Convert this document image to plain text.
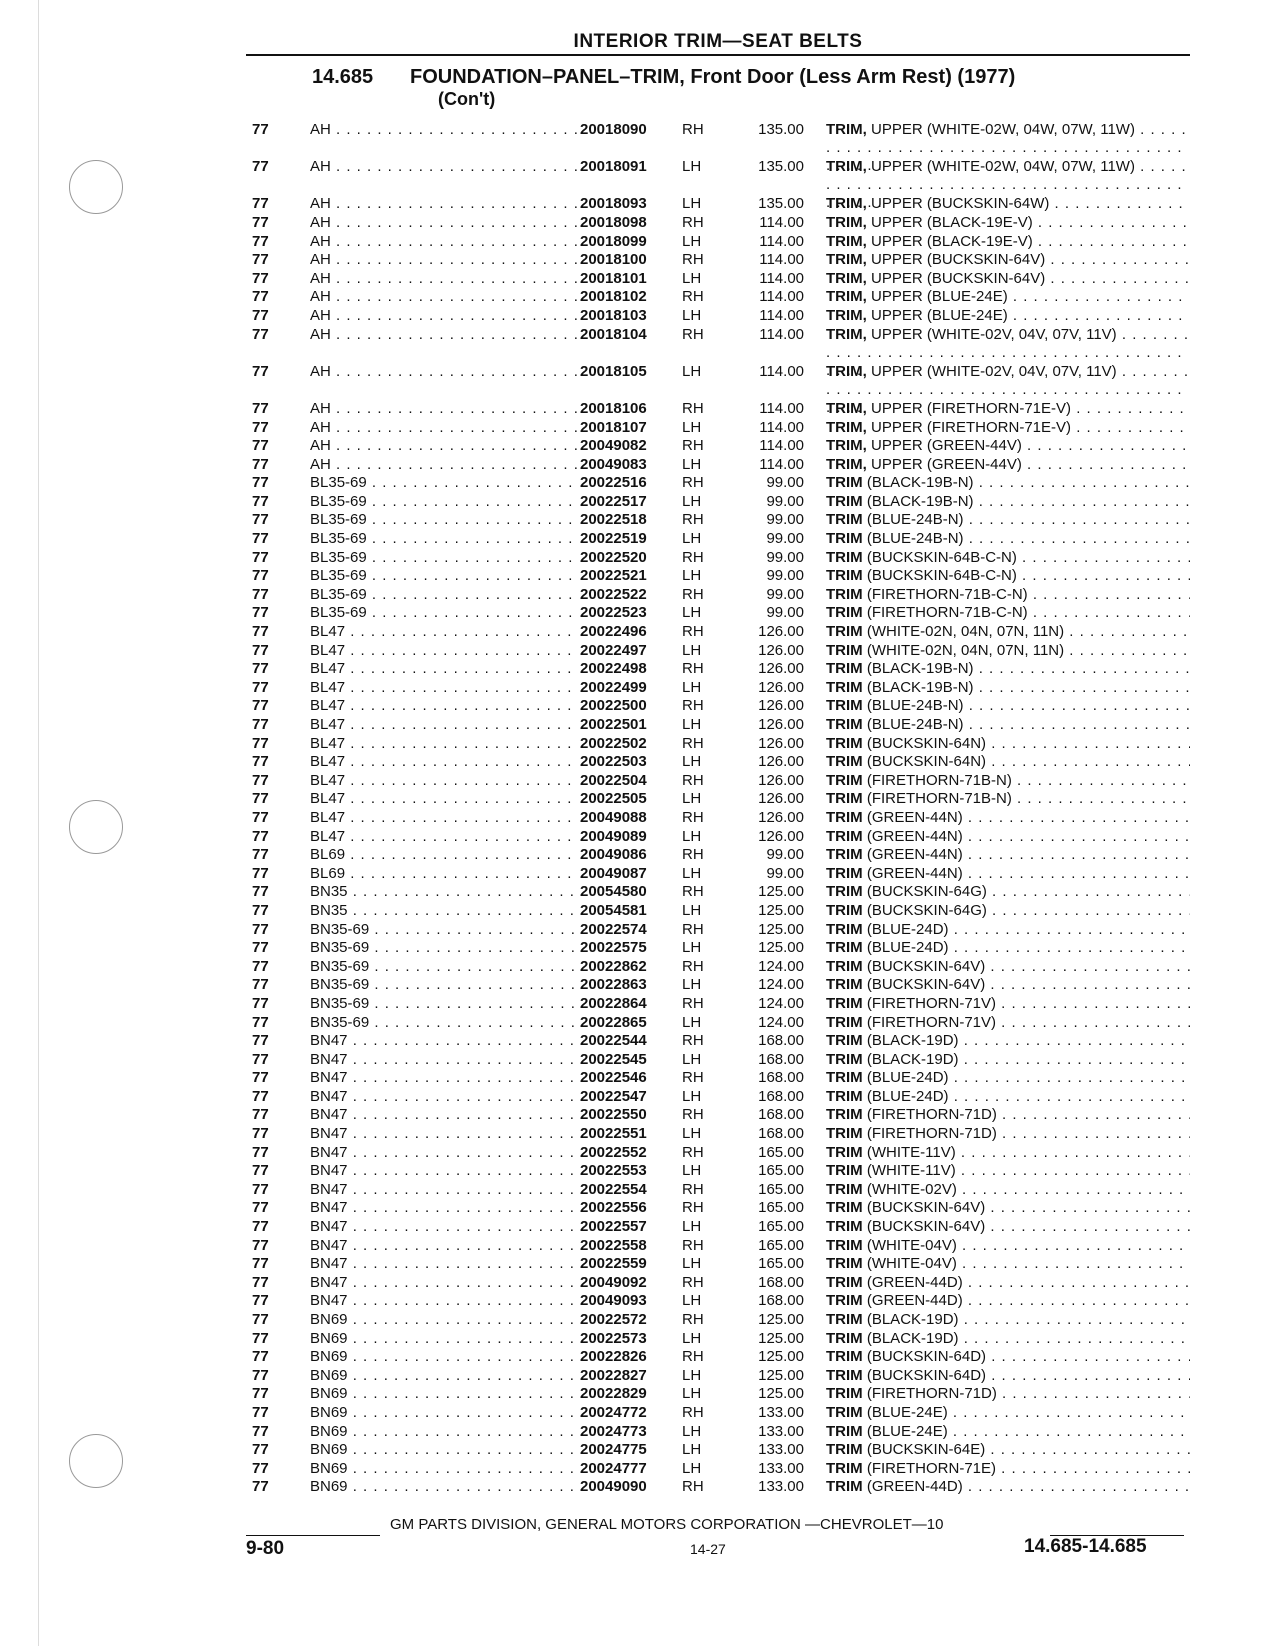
INTERIOR TRIM—SEAT BELTS
14.685 FOUNDATION–PANEL–TRIM, Front Door (Less Arm Rest) (1977)
(Con't)
77	AH . . .	20018090 RH	135.00 TRIM, UPPER (WHITE-02W, 04W, 07W, 11W) . . .
77	AH . . .	20018091 LH	135.00 TRIM, UPPER (WHITE-02W, 04W, 07W, 11W) . . .
77	AH . . .	20018093 LH	135.00 TRIM, UPPER (BUCKSKIN-64W) . . .
77	AH . . .	20018098 RH	114.00 TRIM, UPPER (BLACK-19E-V) . . .
77	AH . . .	20018099 LH	114.00 TRIM, UPPER (BLACK-19E-V) . . .
77	AH . . .	20018100 RH	114.00 TRIM, UPPER (BUCKSKIN-64V) . . .
77	AH . . .	20018101 LH	114.00 TRIM, UPPER (BUCKSKIN-64V) . . .
77	AH . . .	20018102 RH	114.00 TRIM, UPPER (BLUE-24E) . . .
77	AH . . .	20018103 LH	114.00 TRIM, UPPER (BLUE-24E) . . .
77	AH . . .	20018104 RH	114.00 TRIM, UPPER (WHITE-02V, 04V, 07V, 11V) . . .
77	AH . . .	20018105 LH	114.00 TRIM, UPPER (WHITE-02V, 04V, 07V, 11V) . . .
77	AH . . .	20018106 RH	114.00 TRIM, UPPER (FIRETHORN-71E-V) . . .
77	AH . . .	20018107 LH	114.00 TRIM, UPPER (FIRETHORN-71E-V) . . .
77	AH . . .	20049082 RH	114.00 TRIM, UPPER (GREEN-44V) . . .
77	AH . . .	20049083 LH	114.00 TRIM, UPPER (GREEN-44V) . . .
77	BL35-69 . . .	20022516 RH	99.00 TRIM (BLACK-19B-N) . . .
77	BL35-69 . . .	20022517 LH	99.00 TRIM (BLACK-19B-N) . . .
77	BL35-69 . . .	20022518 RH	99.00 TRIM (BLUE-24B-N) . . .
77	BL35-69 . . .	20022519 LH	99.00 TRIM (BLUE-24B-N) . . .
77	BL35-69 . . .	20022520 RH	99.00 TRIM (BUCKSKIN-64B-C-N) . . .
77	BL35-69 . . .	20022521 LH	99.00 TRIM (BUCKSKIN-64B-C-N) . . .
77	BL35-69 . . .	20022522 RH	99.00 TRIM (FIRETHORN-71B-C-N) . . .
77	BL35-69 . . .	20022523 LH	99.00 TRIM (FIRETHORN-71B-C-N) . . .
77	BL47 . . .	20022496 RH	126.00 TRIM (WHITE-02N, 04N, 07N, 11N) . . .
77	BL47 . . .	20022497 LH	126.00 TRIM (WHITE-02N, 04N, 07N, 11N) . . .
77	BL47 . . .	20022498 RH	126.00 TRIM (BLACK-19B-N) . . .
77	BL47 . . .	20022499 LH	126.00 TRIM (BLACK-19B-N) . . .
77	BL47 . . .	20022500 RH	126.00 TRIM (BLUE-24B-N) . . .
77	BL47 . . .	20022501 LH	126.00 TRIM (BLUE-24B-N) . . .
77	BL47 . . .	20022502 RH	126.00 TRIM (BUCKSKIN-64N) . . .
77	BL47 . . .	20022503 LH	126.00 TRIM (BUCKSKIN-64N) . . .
77	BL47 . . .	20022504 RH	126.00 TRIM (FIRETHORN-71B-N) . . .
77	BL47 . . .	20022505 LH	126.00 TRIM (FIRETHORN-71B-N) . . .
77	BL47 . . .	20049088 RH	126.00 TRIM (GREEN-44N) . . .
77	BL47 . . .	20049089 LH	126.00 TRIM (GREEN-44N) . . .
77	BL69 . . .	20049086 RH	99.00 TRIM (GREEN-44N) . . .
77	BL69 . . .	20049087 LH	99.00 TRIM (GREEN-44N) . . .
77	BN35 . . .	20054580 RH	125.00 TRIM (BUCKSKIN-64G) . . .
77	BN35 . . .	20054581 LH	125.00 TRIM (BUCKSKIN-64G) . . .
77	BN35-69 . . .	20022574 RH	125.00 TRIM (BLUE-24D) . . .
77	BN35-69 . . .	20022575 LH	125.00 TRIM (BLUE-24D) . . .
77	BN35-69 . . .	20022862 RH	124.00 TRIM (BUCKSKIN-64V) . . .
77	BN35-69 . . .	20022863 LH	124.00 TRIM (BUCKSKIN-64V) . . .
77	BN35-69 . . .	20022864 RH	124.00 TRIM (FIRETHORN-71V) . . .
77	BN35-69 . . .	20022865 LH	124.00 TRIM (FIRETHORN-71V) . . .
77	BN47 . . .	20022544 RH	168.00 TRIM (BLACK-19D) . . .
77	BN47 . . .	20022545 LH	168.00 TRIM (BLACK-19D) . . .
77	BN47 . . .	20022546 RH	168.00 TRIM (BLUE-24D) . . .
77	BN47 . . .	20022547 LH	168.00 TRIM (BLUE-24D) . . .
77	BN47 . . .	20022550 RH	168.00 TRIM (FIRETHORN-71D) . . .
77	BN47 . . .	20022551 LH	168.00 TRIM (FIRETHORN-71D) . . .
77	BN47 . . .	20022552 RH	165.00 TRIM (WHITE-11V) . . .
77	BN47 . . .	20022553 LH	165.00 TRIM (WHITE-11V) . . .
77	BN47 . . .	20022554 RH	165.00 TRIM (WHITE-02V) . . .
77	BN47 . . .	20022556 RH	165.00 TRIM (BUCKSKIN-64V) . . .
77	BN47 . . .	20022557 LH	165.00 TRIM (BUCKSKIN-64V) . . .
77	BN47 . . .	20022558 RH	165.00 TRIM (WHITE-04V) . . .
77	BN47 . . .	20022559 LH	165.00 TRIM (WHITE-04V) . . .
77	BN47 . . .	20049092 RH	168.00 TRIM (GREEN-44D) . . .
77	BN47 . . .	20049093 LH	168.00 TRIM (GREEN-44D) . . .
77	BN69 . . .	20022572 RH	125.00 TRIM (BLACK-19D) . . .
77	BN69 . . .	20022573 LH	125.00 TRIM (BLACK-19D) . . .
77	BN69 . . .	20022826 RH	125.00 TRIM (BUCKSKIN-64D) . . .
77	BN69 . . .	20022827 LH	125.00 TRIM (BUCKSKIN-64D) . . .
77	BN69 . . .	20022829 LH	125.00 TRIM (FIRETHORN-71D) . . .
77	BN69 . . .	20024772 RH	133.00 TRIM (BLUE-24E) . . .
77	BN69 . . .	20024773 LH	133.00 TRIM (BLUE-24E) . . .
77	BN69 . . .	20024775 LH	133.00 TRIM (BUCKSKIN-64E) . . .
77	BN69 . . .	20024777 LH	133.00 TRIM (FIRETHORN-71E) . . .
77	BN69 . . .	20049090 RH	133.00 TRIM (GREEN-44D) . . .
GM PARTS DIVISION, GENERAL MOTORS CORPORATION —CHEVROLET—10
9-80	14-27	14.685-14.685
